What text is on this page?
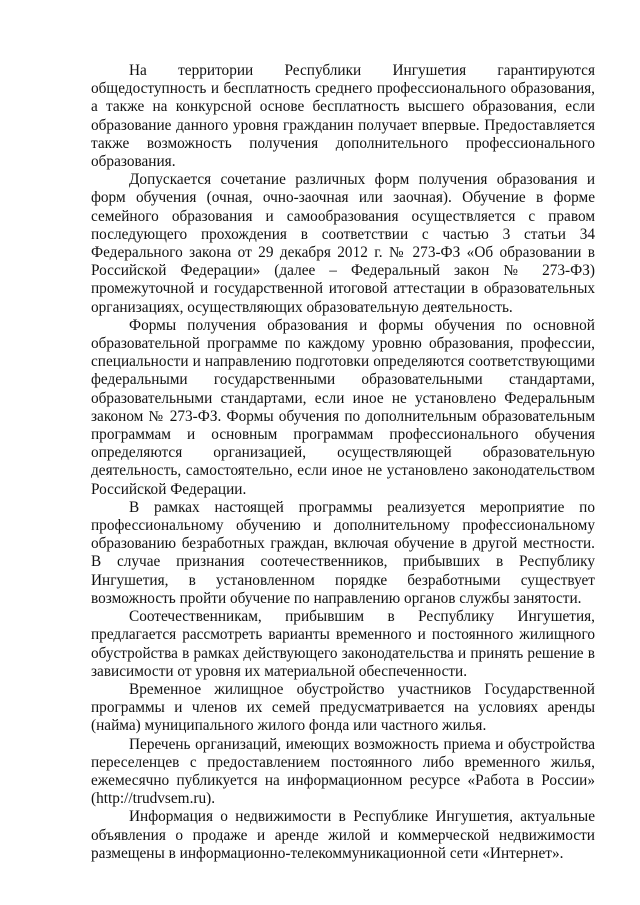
На территории Республики Ингушетия гарантируются общедоступность и бесплатность среднего профессионального образования, а также на конкурсной основе бесплатность высшего образования, если образование данного уровня гражданин получает впервые. Предоставляется также возможность получения дополнительного профессионального образования.

Допускается сочетание различных форм получения образования и форм обучения (очная, очно-заочная или заочная). Обучение в форме семейного образования и самообразования осуществляется с правом последующего прохождения в соответствии с частью 3 статьи 34 Федерального закона от 29 декабря 2012 г. № 273-ФЗ «Об образовании в Российской Федерации» (далее – Федеральный закон № 273-ФЗ) промежуточной и государственной итоговой аттестации в образовательных организациях, осуществляющих образовательную деятельность.

Формы получения образования и формы обучения по основной образовательной программе по каждому уровню образования, профессии, специальности и направлению подготовки определяются соответствующими федеральными государственными образовательными стандартами, образовательными стандартами, если иное не установлено Федеральным законом № 273-ФЗ. Формы обучения по дополнительным образовательным программам и основным программам профессионального обучения определяются организацией, осуществляющей образовательную деятельность, самостоятельно, если иное не установлено законодательством Российской Федерации.

В рамках настоящей программы реализуется мероприятие по профессиональному обучению и дополнительному профессиональному образованию безработных граждан, включая обучение в другой местности. В случае признания соотечественников, прибывших в Республику Ингушетия, в установленном порядке безработными существует возможность пройти обучение по направлению органов службы занятости.

Соотечественникам, прибывшим в Республику Ингушетия, предлагается рассмотреть варианты временного и постоянного жилищного обустройства в рамках действующего законодательства и принять решение в зависимости от уровня их материальной обеспеченности.

Временное жилищное обустройство участников Государственной программы и членов их семей предусматривается на условиях аренды (найма) муниципального жилого фонда или частного жилья.

Перечень организаций, имеющих возможность приема и обустройства переселенцев с предоставлением постоянного либо временного жилья, ежемесячно публикуется на информационном ресурсе «Работа в России» (http://trudvsem.ru).

Информация о недвижимости в Республике Ингушетия, актуальные объявления о продаже и аренде жилой и коммерческой недвижимости размещены в информационно-телекоммуникационной сети «Интернет».
